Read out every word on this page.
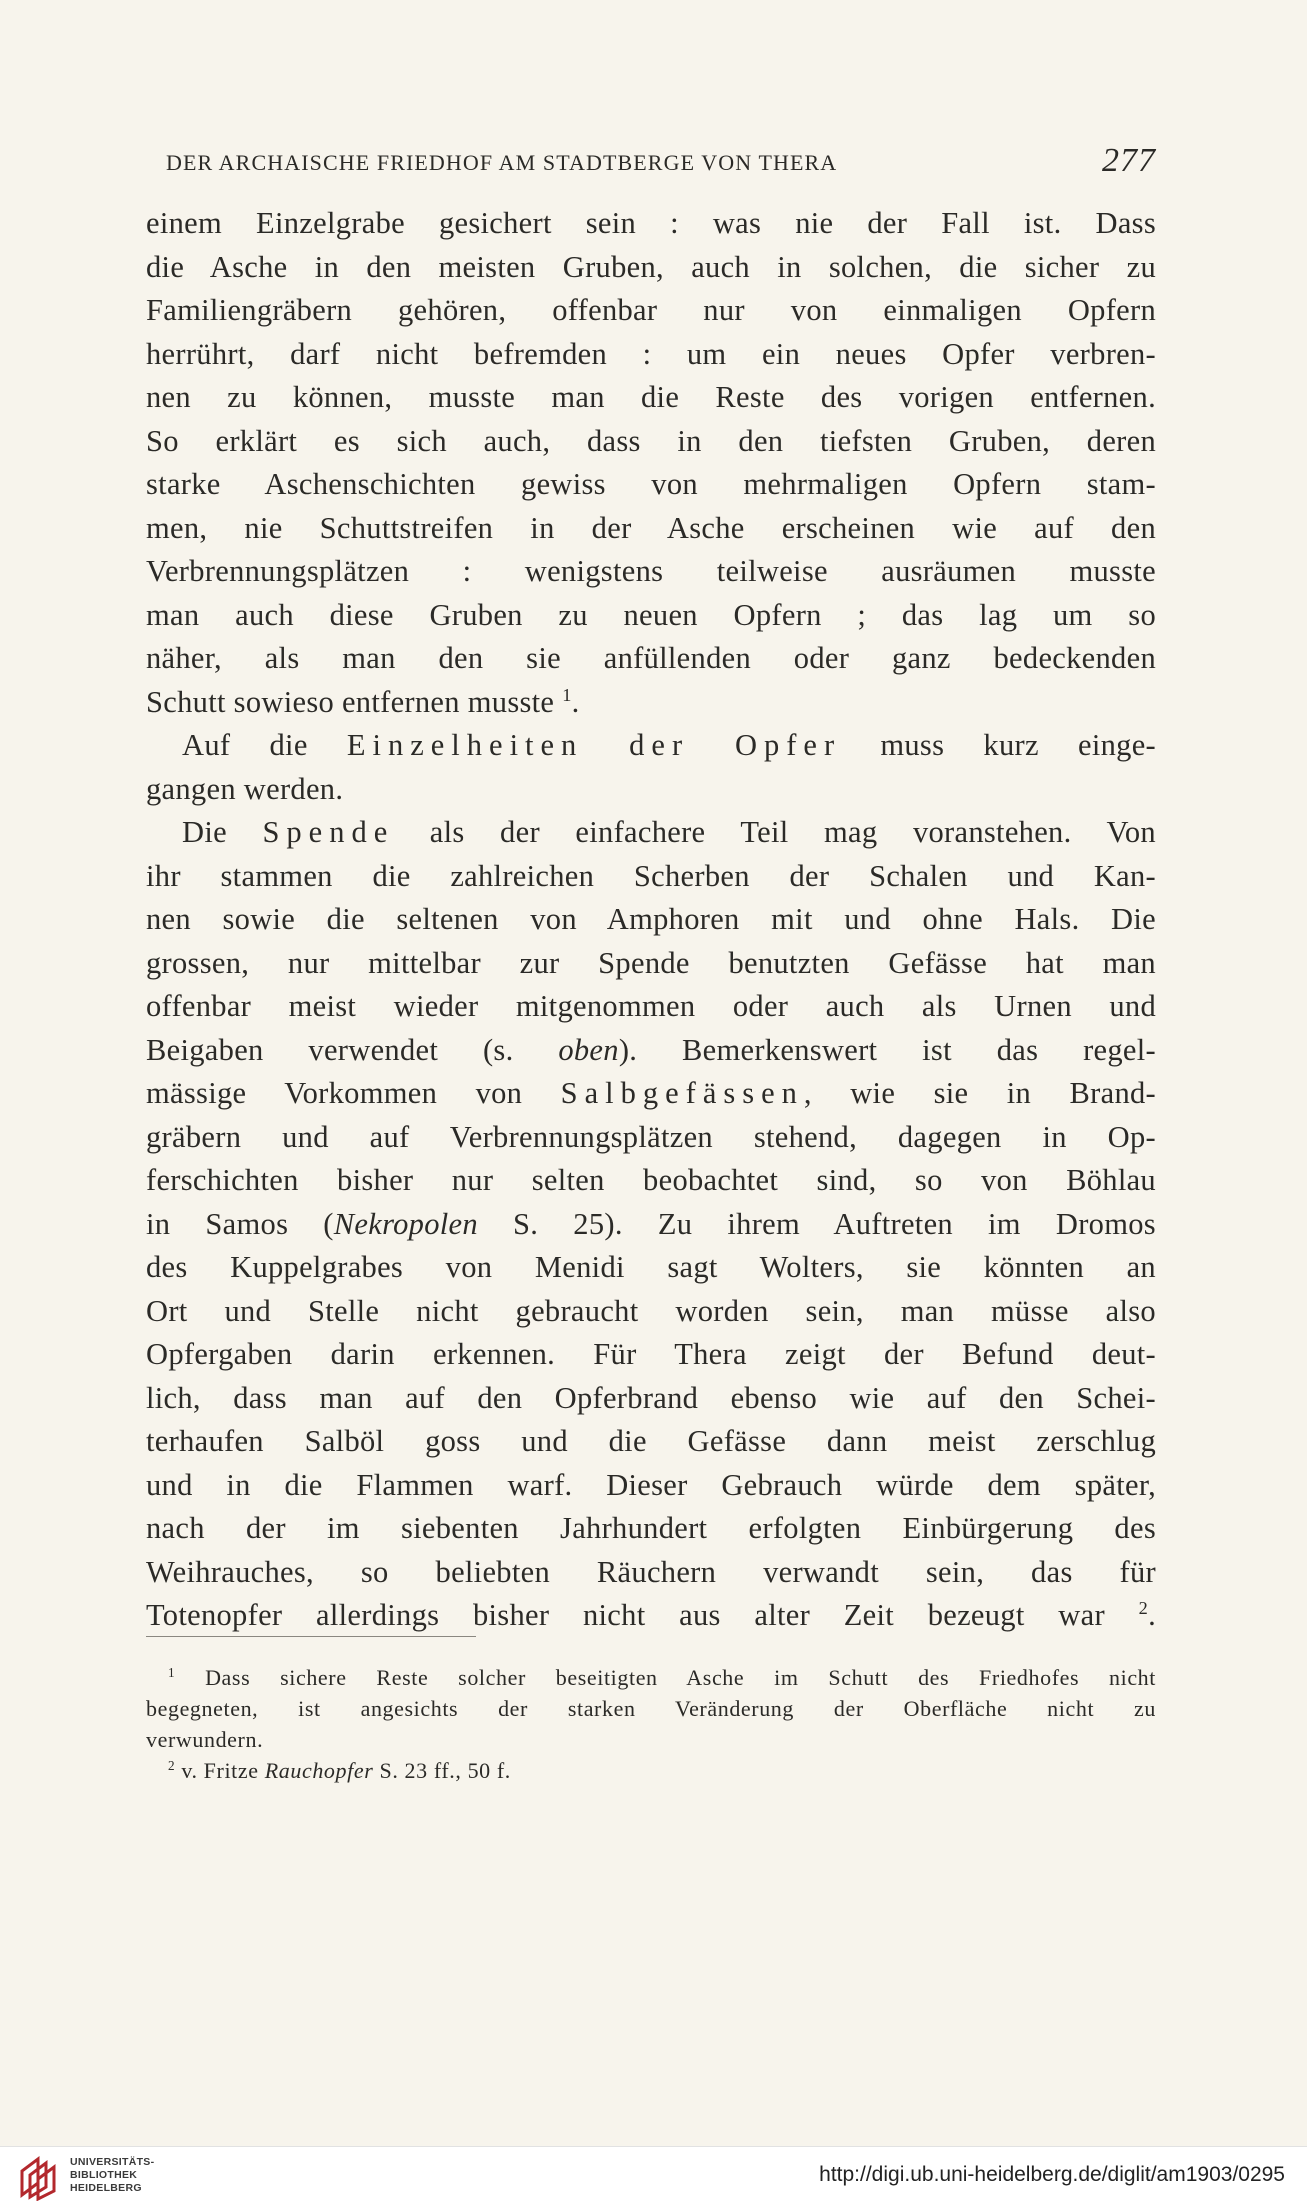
DER ARCHAISCHE FRIEDHOF AM STADTBERGE VON THERA	277
einem Einzelgrabe gesichert sein : was nie der Fall ist. Dass
die Asche in den meisten Gruben, auch in solchen, die sicher zu
Familiengräbern gehören, offenbar nur von einmaligen Opfern
herrührt, darf nicht befremden : um ein neues Opfer verbren-
nen zu können, musste man die Reste des vorigen entfernen.
So erklärt es sich auch, dass in den tiefsten Gruben, deren
starke Aschenschichten gewiss von mehrmaligen Opfern stam-
men, nie Schuttstreifen in der Asche erscheinen wie auf den
Verbrennungsplätzen : wenigstens teilweise ausräumen musste
man auch diese Gruben zu neuen Opfern ; das lag um so
näher, als man den sie anfüllenden oder ganz bedeckenden
Schutt sowieso entfernen musste $^1$.
Auf die Einzelheiten der Opfer muss kurz einge-
gangen werden.
Die Spende als der einfachere Teil mag voranstehen. Von
ihr stammen die zahlreichen Scherben der Schalen und Kan-
nen sowie die seltenen von Amphoren mit und ohne Hals. Die
grossen, nur mittelbar zur Spende benutzten Gefässe hat man
offenbar meist wieder mitgenommen oder auch als Urnen und
Beigaben verwendet (s. oben). Bemerkenswert ist das regel-
mässige Vorkommen von Salbgefässen, wie sie in Brand-
gräbern und auf Verbrennungsplätzen stehend, dagegen in Op-
ferschichten bisher nur selten beobachtet sind, so von Böhlau
in Samos (Nekropolen S. 25). Zu ihrem Auftreten im Dromos
des Kuppelgrabes von Menidi sagt Wolters, sie könnten an
Ort und Stelle nicht gebraucht worden sein, man müsse also
Opfergaben darin erkennen. Für Thera zeigt der Befund deut-
lich, dass man auf den Opferbrand ebenso wie auf den Schei-
terhaufen Salböl goss und die Gefässe dann meist zerschlug
und in die Flammen warf. Dieser Gebrauch würde dem später,
nach der im siebenten Jahrhundert erfolgten Einbürgerung des
Weihrauches, so beliebten Räuchern verwandt sein, das für
Totenopfer allerdings bisher nicht aus alter Zeit bezeugt war $^2$.
$^1$ Dass sichere Reste solcher beseitigten Asche im Schutt des Friedhofes nicht
begegneten, ist angesichts der starken Veränderung der Oberfläche nicht zu
verwundern.
$^2$ v. Fritze Rauchopfer S. 23 ff., 50 f.
UNIVERSITÄTS-
BIBLIOTHEK
HEIDELBERG
http://digi.ub.uni-heidelberg.de/diglit/am1903/0295
